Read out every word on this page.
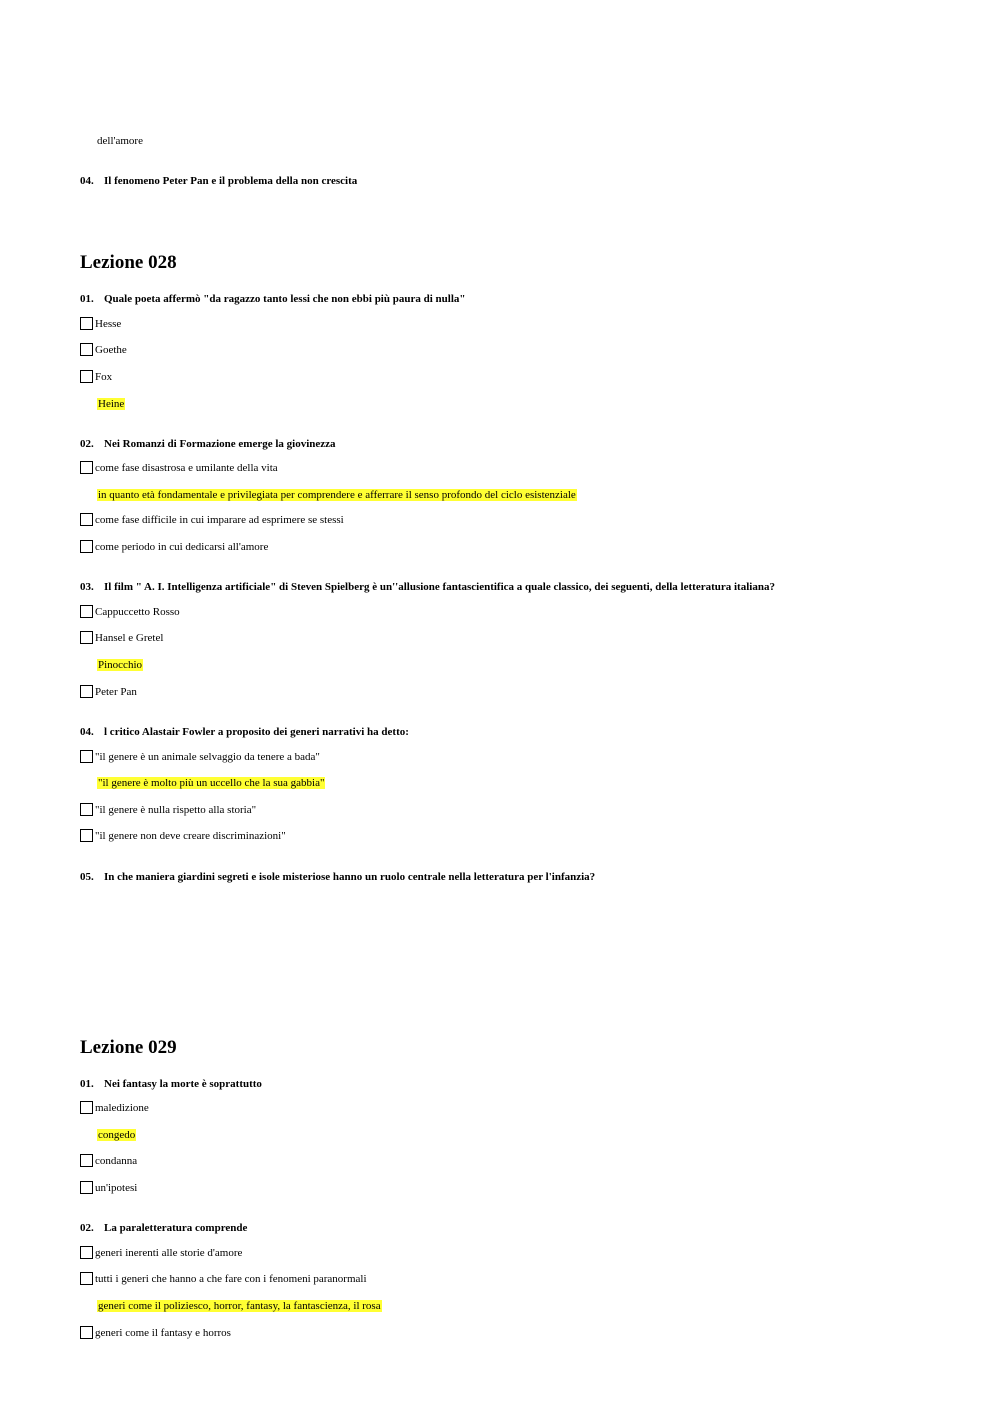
dell'amore
04. Il fenomeno Peter Pan e il problema della non crescita
Lezione 028
01. Quale poeta affermò "da ragazzo tanto lessi che non ebbi più paura di nulla"
Hesse
Goethe
Fox
Heine
02. Nei Romanzi di Formazione emerge la giovinezza
come fase disastrosa e umilante della vita
in quanto età fondamentale e privilegiata per comprendere e afferrare il senso profondo del ciclo esistenziale
come fase difficile in cui imparare ad esprimere se stessi
come periodo in cui dedicarsi all'amore
03. Il film " A. I. Intelligenza artificiale" di Steven Spielberg è un''allusione fantascientifica a quale classico, dei seguenti, della letteratura italiana?
Cappuccetto Rosso
Hansel e Gretel
Pinocchio
Peter Pan
04. l critico Alastair Fowler a proposito dei generi narrativi ha detto:
"il genere è un animale selvaggio da tenere a bada"
"il genere è molto più un uccello che la sua gabbia"
"il genere è nulla rispetto alla storia"
"il genere non deve creare discriminazioni"
05. In che maniera giardini segreti e isole misteriose hanno un ruolo centrale nella letteratura per l'infanzia?
Lezione 029
01. Nei fantasy la morte è soprattutto
maledizione
congedo
condanna
un'ipotesi
02. La paraletteratura comprende
generi inerenti alle storie d'amore
tutti i generi che hanno a che fare con i fenomeni paranormali
generi come il poliziesco, horror, fantasy, la fantascienza, il rosa
generi come il fantasy e horros
